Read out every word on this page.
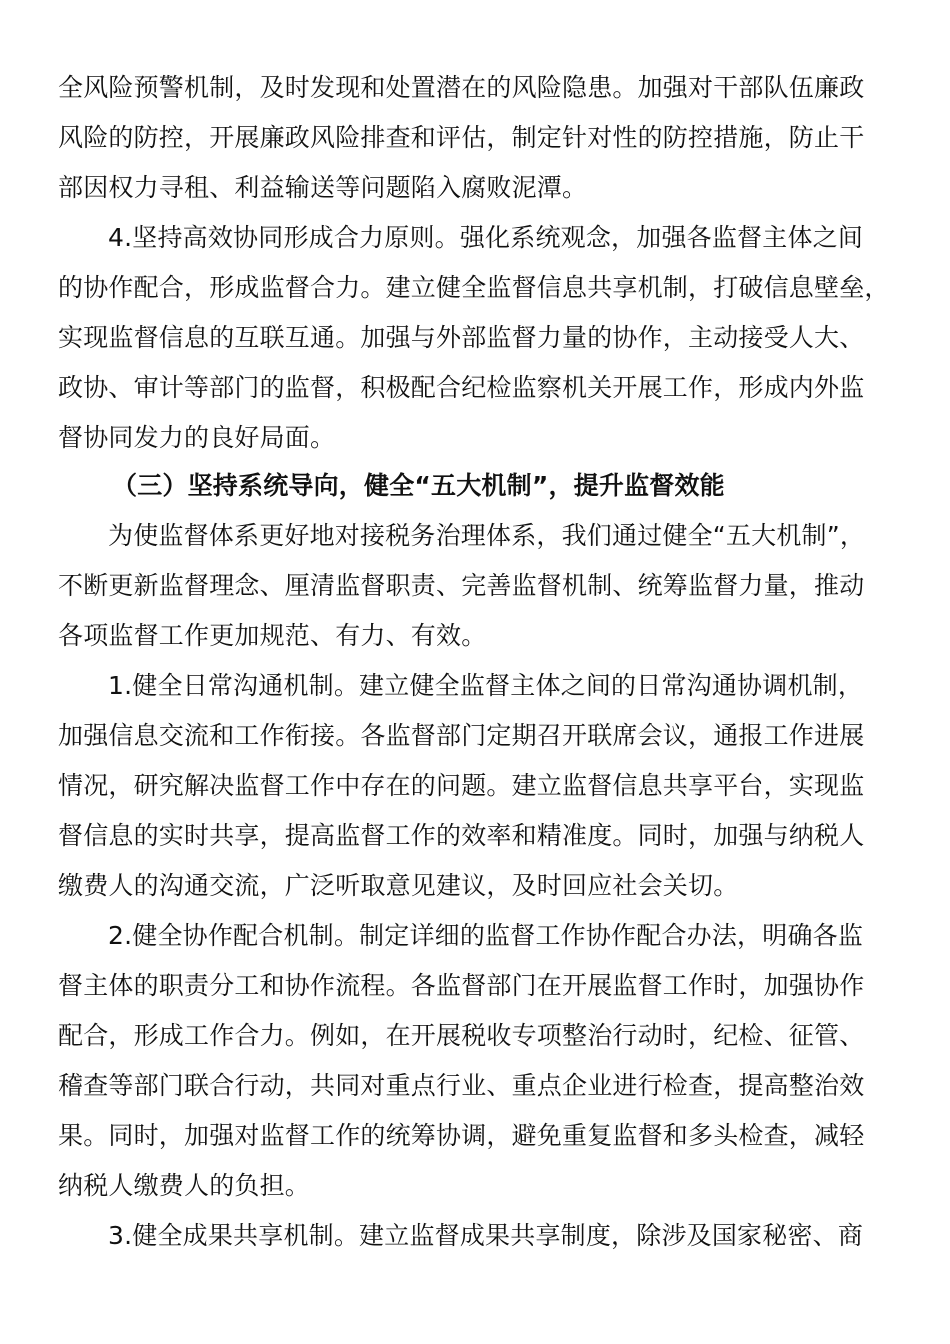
全风险预警机制，及时发现和处置潜在的风险隐患。加强对干部队伍廉政
风险的防控，开展廉政风险排查和评估，制定针对性的防控措施，防止干
部因权力寻租、利益输送等问题陷入腐败泥潭。
4.坚持高效协同形成合力原则。强化系统观念，加强各监督主体之间
的协作配合，形成监督合力。建立健全监督信息共享机制，打破信息壁垒，
实现监督信息的互联互通。加强与外部监督力量的协作，主动接受人大、
政协、审计等部门的监督，积极配合纪检监察机关开展工作，形成内外监
督协同发力的良好局面。
（三）坚持系统导向，健全“五大机制”，提升监督效能
为使监督体系更好地对接税务治理体系，我们通过健全“五大机制”，
不断更新监督理念、厘清监督职责、完善监督机制、统筹监督力量，推动
各项监督工作更加规范、有力、有效。
1.健全日常沟通机制。建立健全监督主体之间的日常沟通协调机制，
加强信息交流和工作衔接。各监督部门定期召开联席会议，通报工作进展
情况，研究解决监督工作中存在的问题。建立监督信息共享平台，实现监
督信息的实时共享，提高监督工作的效率和精准度。同时，加强与纳税人
缴费人的沟通交流，广泛听取意见建议，及时回应社会关切。
2.健全协作配合机制。制定详细的监督工作协作配合办法，明确各监
督主体的职责分工和协作流程。各监督部门在开展监督工作时，加强协作
配合，形成工作合力。例如，在开展税收专项整治行动时，纪检、征管、
稽查等部门联合行动，共同对重点行业、重点企业进行检查，提高整治效
果。同时，加强对监督工作的统筹协调，避免重复监督和多头检查，减轻
纳税人缴费人的负担。
3.健全成果共享机制。建立监督成果共享制度，除涉及国家秘密、商
